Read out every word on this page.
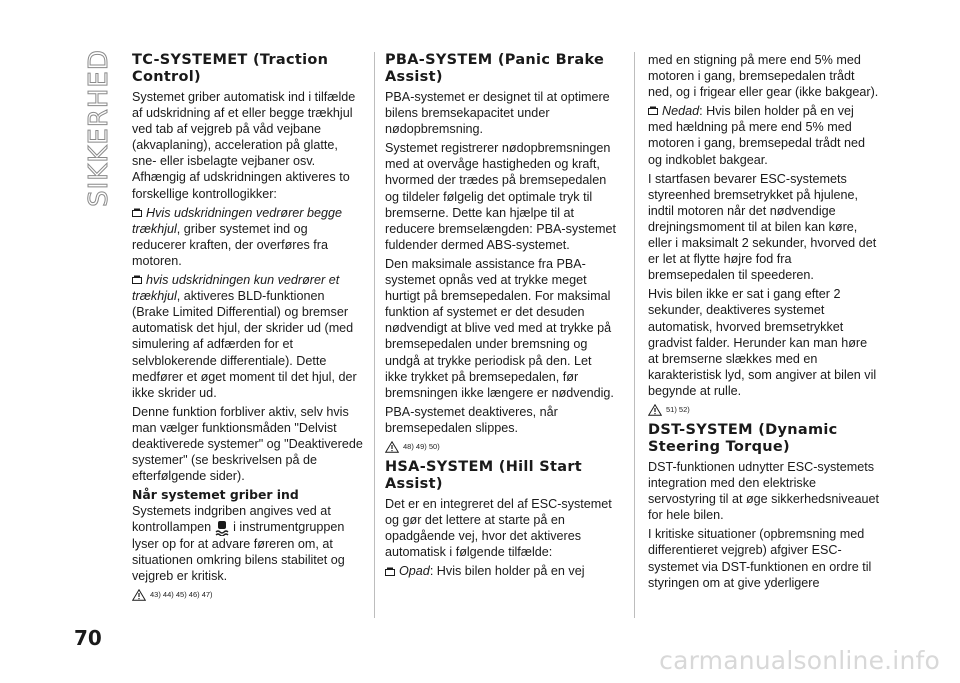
SIKKERHED TC-SYSTEMET (Traction Control)

Systemet griber automatisk ind i tilfælde af udskridning af et eller begge trækhjul ved tab af vejgreb på våd vejbane (akvaplaning), acceleration på glatte, sne- eller isbelagte vejbaner osv. Afhængig af udskridningen aktiveres to forskellige kontrollogikker:

Hvis udskridningen vedrører begge trækhjul, griber systemet ind og reducerer kraften, der overføres fra motoren.

hvis udskridningen kun vedrører et trækhjul, aktiveres BLD-funktionen (Brake Limited Differential) og bremser automatisk det hjul, der skrider ud (med simulering af adfærden for et selvblokerende differentiale). Dette medfører et øget moment til det hjul, der ikke skrider ud.

Denne funktion forbliver aktiv, selv hvis man vælger funktionsmåden "Delvist deaktiverede systemer" og "Deaktiverede systemer" (se beskrivelsen på de efterfølgende sider).

Når systemet griber ind

Systemets indgriben angives ved at kontrollampen i instrumentgruppen lyser op for at advare føreren om, at situationen omkring bilens stabilitet og vejgreb er kritisk.

43) 44) 45) 46) 47)
PBA-SYSTEM (Panic Brake Assist)

PBA-systemet er designet til at optimere bilens bremsekapacitet under nødopbremsning.

Systemet registrerer nødopbremsningen med at overvåge hastigheden og kraft, hvormed der trædes på bremsepedalen og tildeler følgelig det optimale tryk til bremserne. Dette kan hjælpe til at reducere bremselængden: PBA-systemet fuldender dermed ABS-systemet.

Den maksimale assistance fra PBA-systemet opnås ved at trykke meget hurtigt på bremsepedalen. For maksimal funktion af systemet er det desuden nødvendigt at blive ved med at trykke på bremsepedalen under bremsning og undgå at trykke periodisk på den. Let ikke trykket på bremsepedalen, før bremsningen ikke længere er nødvendig.

PBA-systemet deaktiveres, når bremsepedalen slippes.

48) 49) 50)
HSA-SYSTEM (Hill Start Assist)

Det er en integreret del af ESC-systemet og gør det lettere at starte på en opadgående vej, hvor det aktiveres automatisk i følgende tilfælde:

Opad: Hvis bilen holder på en vej

med en stigning på mere end 5% med motoren i gang, bremsepedalen trådt ned, og i frigear eller gear (ikke bakgear).

Nedad: Hvis bilen holder på en vej med hældning på mere end 5% med motoren i gang, bremsepedal trådt ned og indkoblet bakgear.

I startfasen bevarer ESC-systemets styreenhed bremsetrykket på hjulene, indtil motoren når det nødvendige drejningsmoment til at bilen kan køre, eller i maksimalt 2 sekunder, hvorved det er let at flytte højre fod fra bremsepedalen til speederen.

Hvis bilen ikke er sat i gang efter 2 sekunder, deaktiveres systemet automatisk, hvorved bremsetrykket gradvist falder. Herunder kan man høre at bremserne slækkes med en karakteristisk lyd, som angiver at bilen vil begynde at rulle.

51) 52)
DST-SYSTEM (Dynamic Steering Torque)

DST-funktionen udnytter ESC-systemets integration med den elektriske servostyring til at øge sikkerhedsniveauet for hele bilen.

I kritiske situationer (opbremsning med differentieret vejgreb) afgiver ESC-systemet via DST-funktionen en ordre til styringen om at give yderligere

70
carmanualsonline.info
